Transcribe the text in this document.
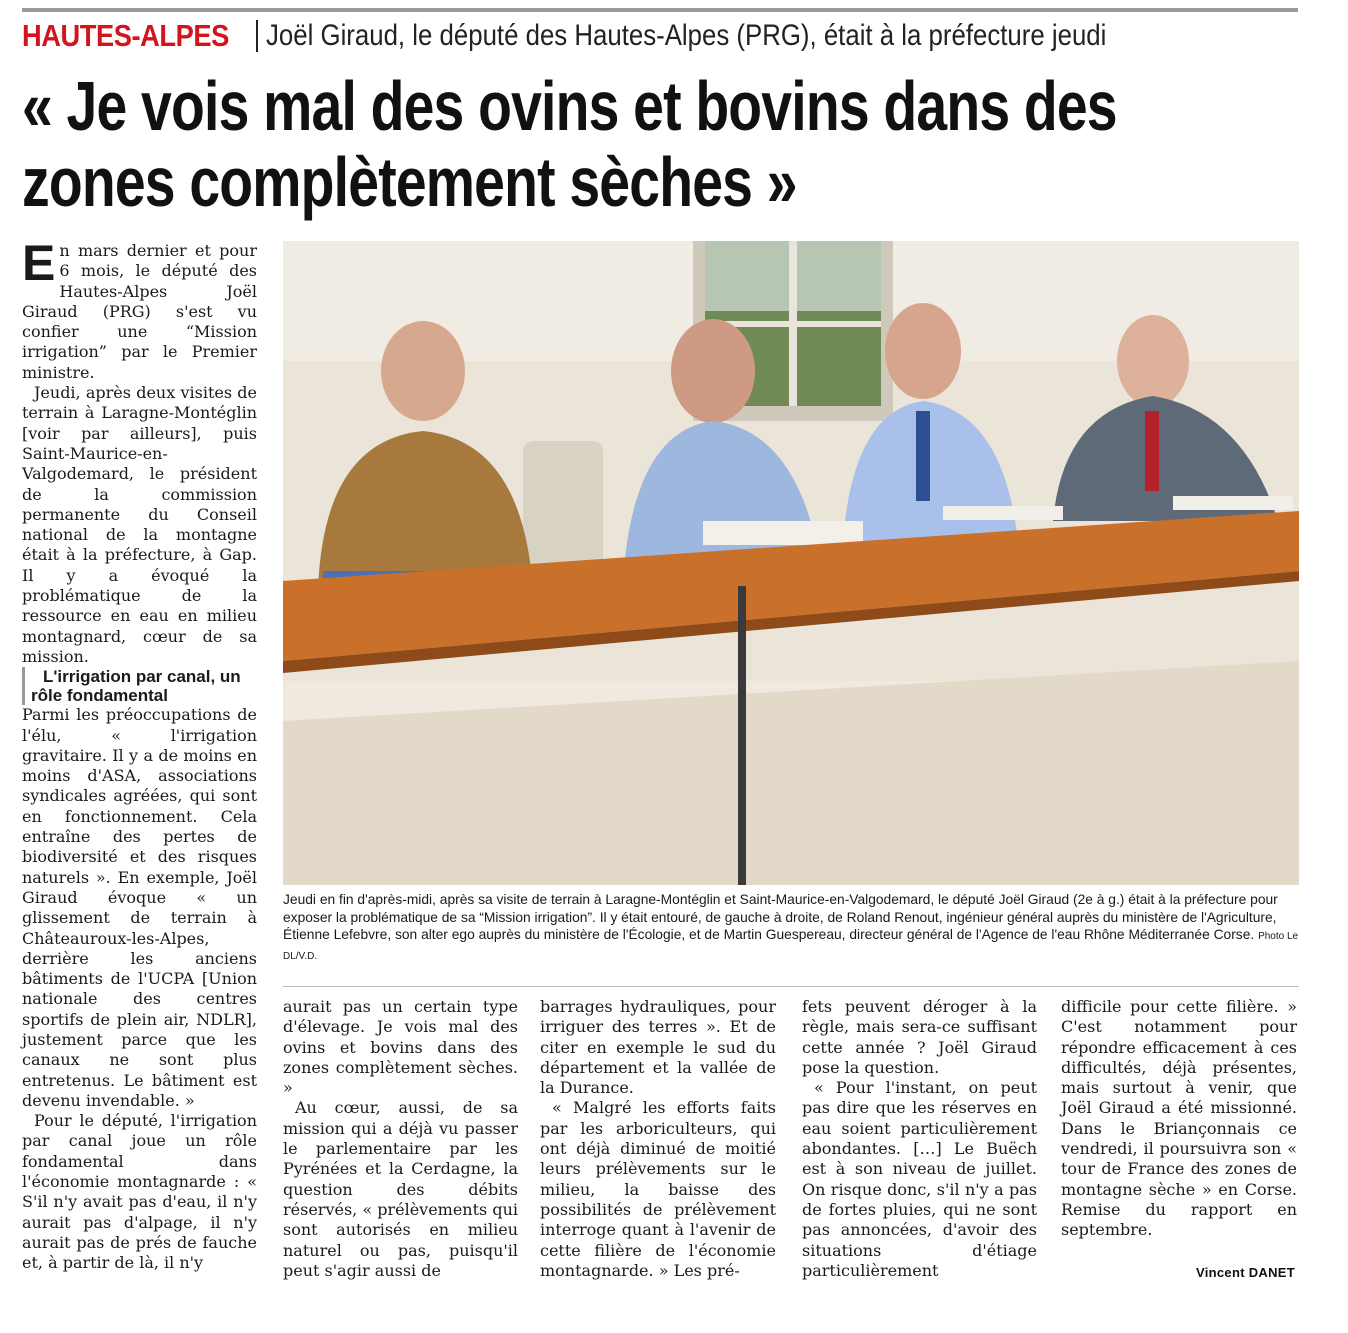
HAUTES-ALPES Joël Giraud, le député des Hautes-Alpes (PRG), était à la préfecture jeudi
« Je vois mal des ovins et bovins dans des zones complètement sèches »

En mars dernier et pour 6 mois, le député des Hautes-Alpes Joël Giraud (PRG) s'est vu confier une “Mission irrigation” par le Premier ministre.

Jeudi, après deux visites de terrain à Laragne-Montéglin [voir par ailleurs], puis Saint-Maurice-en-Valgodemard, le président de la commission permanente du Conseil national de la montagne était à la préfecture, à Gap. Il y a évoqué la problématique de la ressource en eau en milieu montagnard, cœur de sa mission.

L'irrigation par canal, un rôle fondamental

Parmi les préoccupations de l'élu, « l'irrigation gravitaire. Il y a de moins en moins d'ASA, associations syndicales agréées, qui sont en fonctionnement. Cela entraîne des pertes de biodiversité et des risques naturels ». En exemple, Joël Giraud évoque « un glissement de terrain à Châteauroux-les-Alpes, derrière les anciens bâtiments de l'UCPA [Union nationale des centres sportifs de plein air, NDLR], justement parce que les canaux ne sont plus entretenus. Le bâtiment est devenu invendable. »

Pour le député, l'irrigation par canal joue un rôle fondamental dans l'économie montagnarde : « S'il n'y avait pas d'eau, il n'y aurait pas d'alpage, il n'y aurait pas de prés de fauche et, à partir de là, il n'y

Jeudi en fin d'après-midi, après sa visite de terrain à Laragne-Montéglin et Saint-Maurice-en-Valgodemard, le député Joël Giraud (2e à g.) était à la préfecture pour exposer la problématique de sa “Mission irrigation”. Il y était entouré, de gauche à droite, de Roland Renout, ingénieur général auprès du ministère de l'Agriculture, Étienne Lefebvre, son alter ego auprès du ministère de l'Écologie, et de Martin Guespereau, directeur général de l'Agence de l'eau Rhône Méditerranée Corse. Photo Le DL/V.D.

aurait pas un certain type d'élevage. Je vois mal des ovins et bovins dans des zones complètement sèches. »

Au cœur, aussi, de sa mission qui a déjà vu passer le parlementaire par les Pyrénées et la Cerdagne, la question des débits réservés, « prélèvements qui sont autorisés en milieu naturel ou pas, puisqu'il peut s'agir aussi de

barrages hydrauliques, pour irriguer des terres ». Et de citer en exemple le sud du département et la vallée de la Durance.

« Malgré les efforts faits par les arboriculteurs, qui ont déjà diminué de moitié leurs prélèvements sur le milieu, la baisse des possibilités de prélèvement interroge quant à l'avenir de cette filière de l'économie montagnarde. » Les pré-

fets peuvent déroger à la règle, mais sera-ce suffisant cette année ? Joël Giraud pose la question.

« Pour l'instant, on peut pas dire que les réserves en eau soient particulièrement abondantes. […] Le Buëch est à son niveau de juillet. On risque donc, s'il n'y a pas de fortes pluies, qui ne sont pas annoncées, d'avoir des situations d'étiage particulièrement

difficile pour cette filière. » C'est notamment pour répondre efficacement à ces difficultés, déjà présentes, mais surtout à venir, que Joël Giraud a été missionné. Dans le Briançonnais ce vendredi, il poursuivra son « tour de France des zones de montagne sèche » en Corse. Remise du rapport en septembre.

Vincent DANET
